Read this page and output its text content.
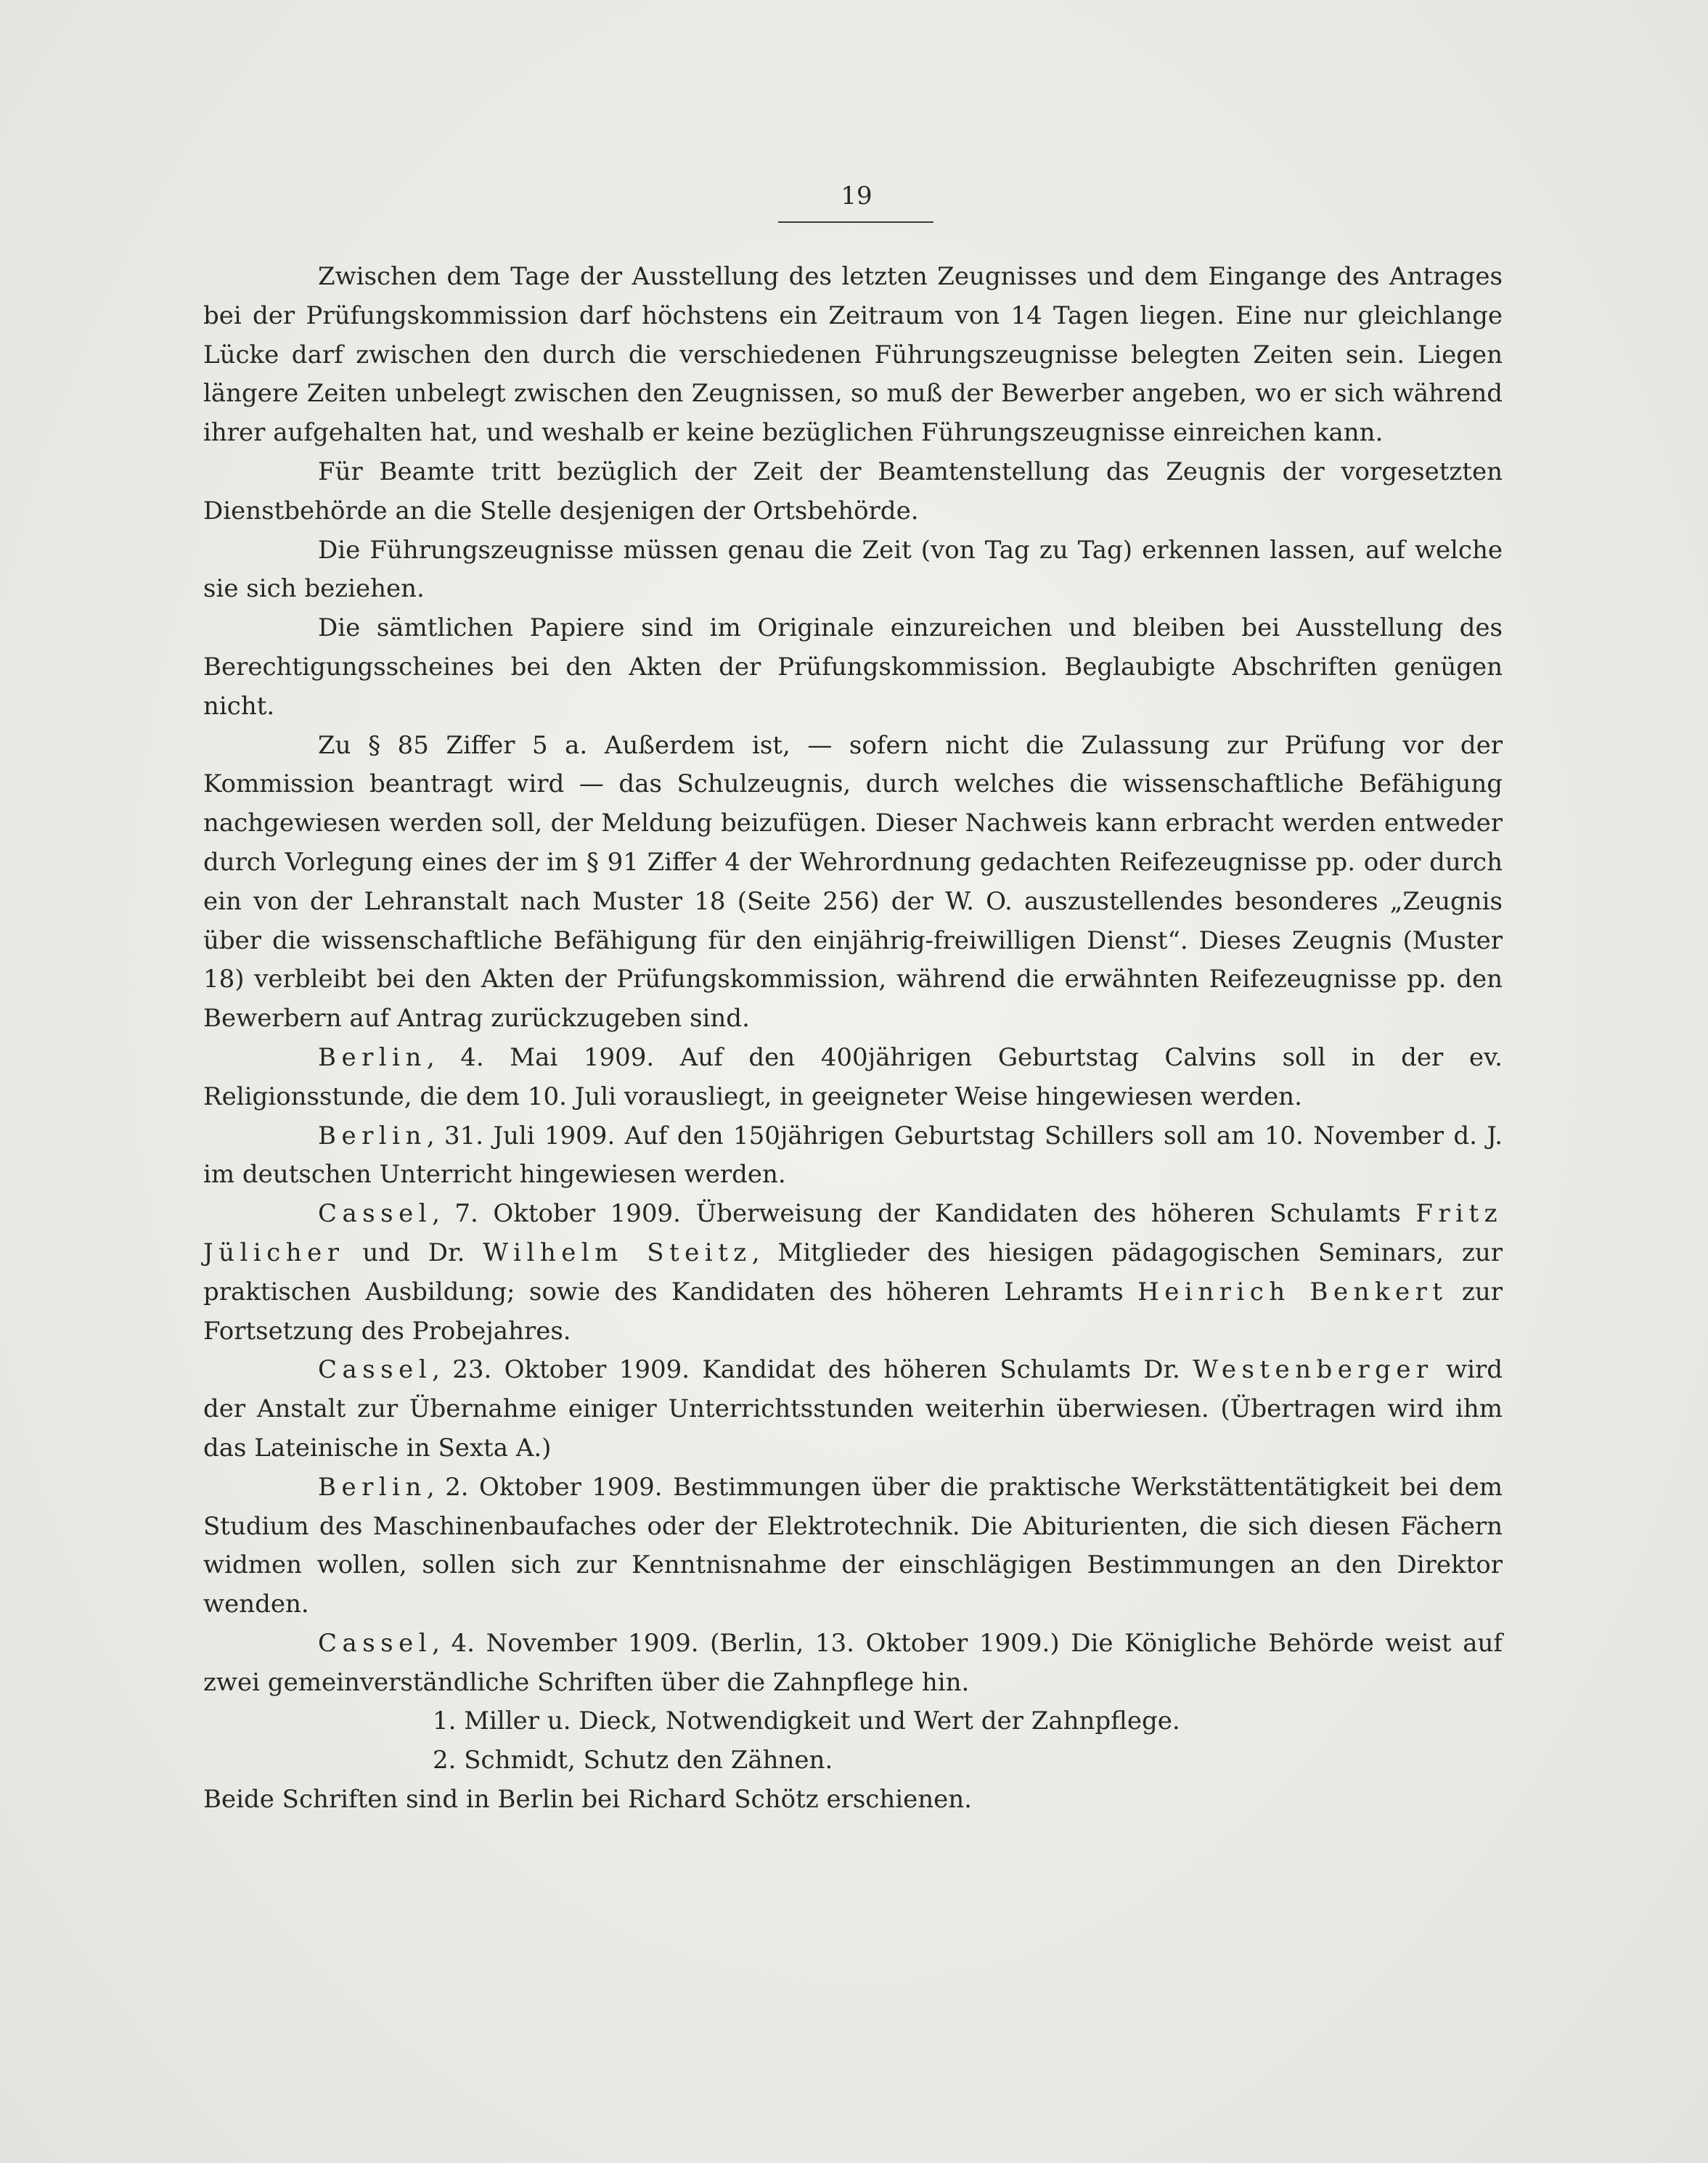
19

Zwischen dem Tage der Ausstellung des letzten Zeugnisses und dem Eingange des Antrages bei der Prüfungskommission darf höchstens ein Zeitraum von 14 Tagen liegen. Eine nur gleichlange Lücke darf zwischen den durch die verschiedenen Führungszeugnisse belegten Zeiten sein. Liegen längere Zeiten unbelegt zwischen den Zeugnissen, so muß der Bewerber angeben, wo er sich während ihrer aufgehalten hat, und weshalb er keine bezüglichen Führungszeugnisse einreichen kann.

Für Beamte tritt bezüglich der Zeit der Beamtenstellung das Zeugnis der vorgesetzten Dienstbehörde an die Stelle desjenigen der Ortsbehörde.

Die Führungszeugnisse müssen genau die Zeit (von Tag zu Tag) erkennen lassen, auf welche sie sich beziehen.

Die sämtlichen Papiere sind im Originale einzureichen und bleiben bei Ausstellung des Berechtigungsscheines bei den Akten der Prüfungskommission. Beglaubigte Abschriften genügen nicht.

Zu § 85 Ziffer 5 a. Außerdem ist, — sofern nicht die Zulassung zur Prüfung vor der Kommission beantragt wird — das Schulzeugnis, durch welches die wissenschaftliche Befähigung nachgewiesen werden soll, der Meldung beizufügen. Dieser Nachweis kann erbracht werden entweder durch Vorlegung eines der im § 91 Ziffer 4 der Wehrordnung gedachten Reifezeugnisse pp. oder durch ein von der Lehranstalt nach Muster 18 (Seite 256) der W. O. auszustellendes besonderes „Zeugnis über die wissenschaftliche Befähigung für den einjährig-freiwilligen Dienst“. Dieses Zeugnis (Muster 18) verbleibt bei den Akten der Prüfungskommission, während die erwähnten Reifezeugnisse pp. den Bewerbern auf Antrag zurückzugeben sind.

Berlin, 4. Mai 1909. Auf den 400jährigen Geburtstag Calvins soll in der ev. Religionsstunde, die dem 10. Juli vorausliegt, in geeigneter Weise hingewiesen werden.

Berlin, 31. Juli 1909. Auf den 150jährigen Geburtstag Schillers soll am 10. November d. J. im deutschen Unterricht hingewiesen werden.

Cassel, 7. Oktober 1909. Überweisung der Kandidaten des höheren Schulamts Fritz Jülicher und Dr. Wilhelm Steitz, Mitglieder des hiesigen pädagogischen Seminars, zur praktischen Ausbildung; sowie des Kandidaten des höheren Lehramts Heinrich Benkert zur Fortsetzung des Probejahres.

Cassel, 23. Oktober 1909. Kandidat des höheren Schulamts Dr. Westenberger wird der Anstalt zur Übernahme einiger Unterrichtsstunden weiterhin überwiesen. (Übertragen wird ihm das Lateinische in Sexta A.)

Berlin, 2. Oktober 1909. Bestimmungen über die praktische Werkstättentätigkeit bei dem Studium des Maschinenbaufaches oder der Elektrotechnik. Die Abiturienten, die sich diesen Fächern widmen wollen, sollen sich zur Kenntnisnahme der einschlägigen Bestimmungen an den Direktor wenden.

Cassel, 4. November 1909. (Berlin, 13. Oktober 1909.) Die Königliche Behörde weist auf zwei gemeinverständliche Schriften über die Zahnpflege hin.

1. Miller u. Dieck, Notwendigkeit und Wert der Zahnpflege.

2. Schmidt, Schutz den Zähnen.

Beide Schriften sind in Berlin bei Richard Schötz erschienen.
